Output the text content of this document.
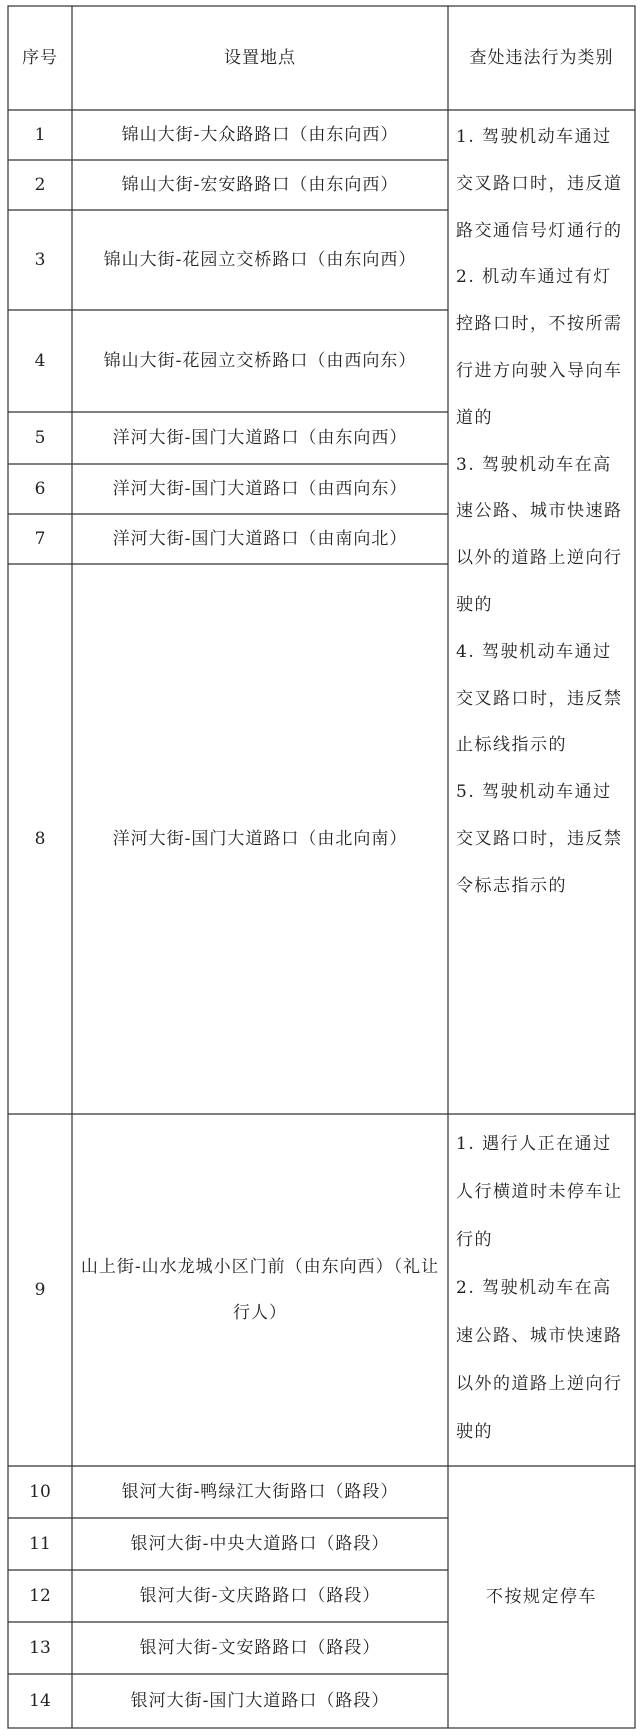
序号	设置地点	查处违法行为类别
1
2
3
4
5
6
7
8
9
10
11
12
13
14
锦山大街-大众路路口（由东向西）
锦山大街-宏安路路口（由东向西）
锦山大街-花园立交桥路口（由东向西）
锦山大街-花园立交桥路口（由西向东）
洋河大街-国门大道路口（由东向西）
洋河大街-国门大道路口（由西向东）
洋河大街-国门大道路口（由南向北）
洋河大街-国门大道路口（由北向南）
山上街-山水龙城小区门前（由东向西）（礼让行人）
银河大街-鸭绿江大街路口（路段）
银河大街-中央大道路口（路段）
银河大街-文庆路路口（路段）
银河大街-文安路路口（路段）
银河大街-国门大道路口（路段）
1. 驾驶机动车通过交叉路口时，违反道路交通信号灯通行的
2. 机动车通过有灯控路口时，不按所需行进方向驶入导向车道的
3. 驾驶机动车在高速公路、城市快速路以外的道路上逆向行驶的
4. 驾驶机动车通过交叉路口时，违反禁止标线指示的
5. 驾驶机动车通过交叉路口时，违反禁令标志指示的
1. 遇行人正在通过人行横道时未停车让行的
2. 驾驶机动车在高速公路、城市快速路以外的道路上逆向行驶的
不按规定停车
